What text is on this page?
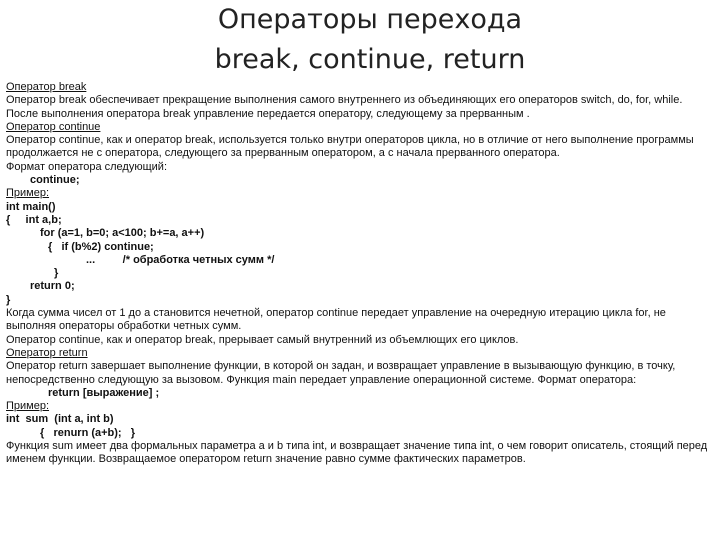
Операторы перехода
break, continue, return
Оператор break
Оператор break обеспечивает прекращение выполнения самого внутреннего из объединяющих его операторов switch, do, for, while. После выполнения оператора break управление передается оператору, следующему за прерванным .
Оператор continue
Оператор continue, как и оператор break, используется только внутри операторов цикла, но в отличие от него выполнение программы продолжается не с оператора, следующего за прерванным оператором, а с начала прерванного оператора.
Формат оператора следующий:
continue;
Пример:
int main()
{     int a,b;
for (a=1, b=0; a<100; b+=a, a++)
{   if (b%2) continue;
...         /* обработка четных сумм */
}
return 0;
}
Когда сумма чисел от 1 до a становится нечетной, оператор continue передает управление на очередную итерацию цикла for, не выполняя операторы обработки четных сумм.
Оператор continue, как и оператор break, прерывает самый внутренний из объемлющих его циклов.
Оператор return
Оператор return завершает выполнение функции, в которой он задан, и возвращает управление в вызывающую функцию, в точку, непосредственно следующую за вызовом. Функция main передает управление операционной системе. Формат оператора:
return [выражение] ;
Пример:
int  sum  (int a, int b)
{   renurn (a+b);   }
Функция sum имеет два формальных параметра a и b типа int, и возвращает значение типа int, о чем говорит описатель, стоящий перед именем функции. Возвращаемое оператором return значение равно сумме фактических параметров.
